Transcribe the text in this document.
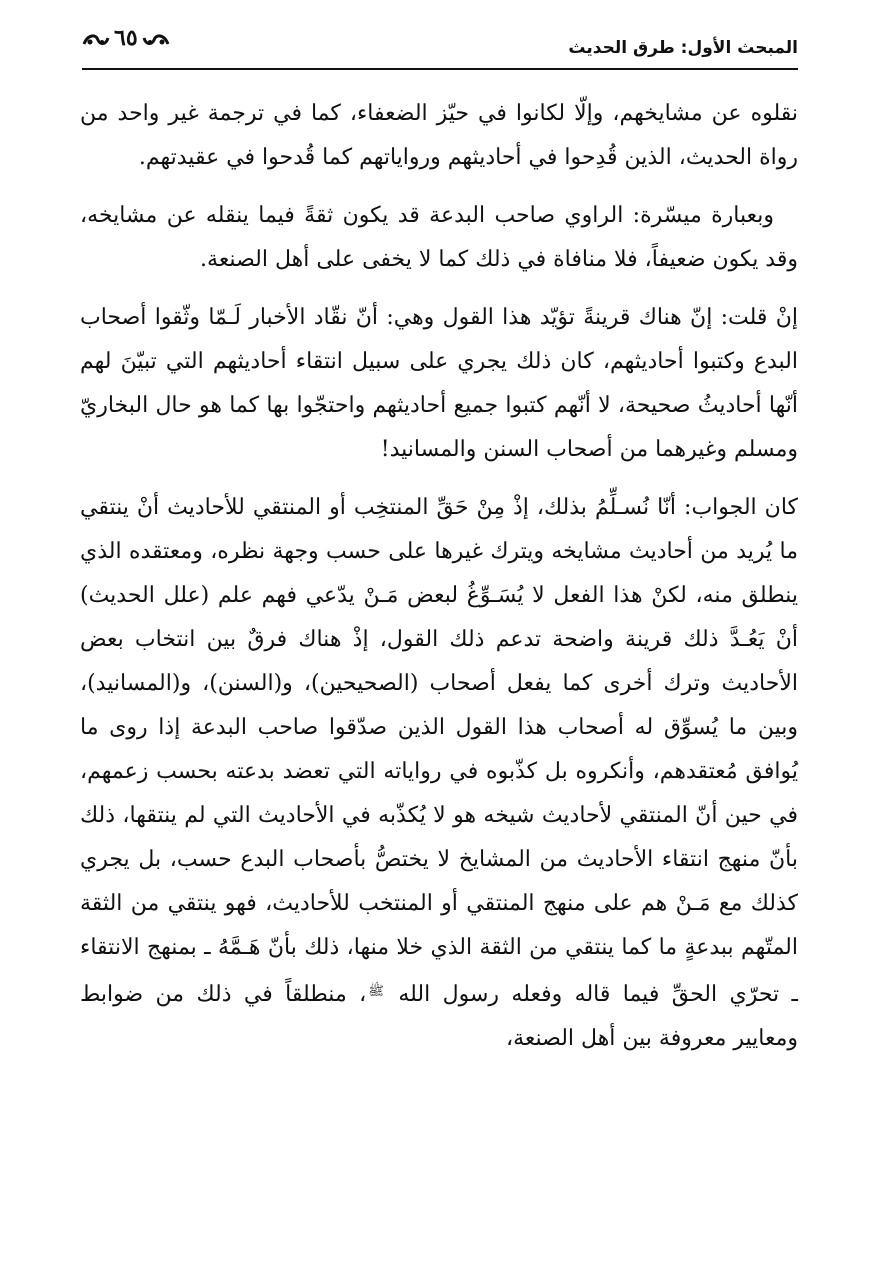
المبحث الأول: طرق الحديث
٦٥

نقلوه عن مشايخهم، وإلّا لكانوا في حيّز الضعفاء، كما في ترجمة غير واحد من رواة الحديث، الذين قُدِحوا في أحاديثهم ورواياتهم كما قُدحوا في عقيدتهم.

وبعبارة ميسّرة: الراوي صاحب البدعة قد يكون ثقةً فيما ينقله عن مشايخه، وقد يكون ضعيفاً، فلا منافاة في ذلك كما لا يخفى على أهل الصنعة.

إنْ قلت: إنّ هناك قرينةً تؤيّد هذا القول وهي: أنّ نقّاد الأخبار لَـمّا وثّقوا أصحاب البدع وكتبوا أحاديثهم، كان ذلك يجري على سبيل انتقاء أحاديثهم التي تبيّنَ لهم أنّها أحاديثُ صحيحة، لا أنّهم كتبوا جميع أحاديثهم واحتجّوا بها كما هو حال البخاريّ ومسلم وغيرهما من أصحاب السنن والمسانيد!

كان الجواب: أنّا نُسـلِّمُ بذلك، إذْ مِنْ حَقِّ المنتخِب أو المنتقي للأحاديث أنْ ينتقي ما يُريد من أحاديث مشايخه ويترك غيرها على حسب وجهة نظره، ومعتقده الذي ينطلق منه، لكنْ هذا الفعل لا يُسَـوِّغُ لبعض مَـنْ يدّعي فهم علم (علل الحديث) أنْ يَعُـدَّ ذلك قرينة واضحة تدعم ذلك القول، إذْ هناك فرقٌ بين انتخاب بعض الأحاديث وترك أخرى كما يفعل أصحاب (الصحيحين)، و(السنن)، و(المسانيد)، وبين ما يُسوِّق له أصحاب هذا القول الذين صدّقوا صاحب البدعة إذا روى ما يُوافق مُعتقدهم، وأنكروه بل كذّبوه في رواياته التي تعضد بدعته بحسب زعمهم، في حين أنّ المنتقي لأحاديث شيخه هو لا يُكذّبه في الأحاديث التي لم ينتقها، ذلك بأنّ منهج انتقاء الأحاديث من المشايخ لا يختصُّ بأصحاب البدع حسب، بل يجري كذلك مع مَـنْ هم على منهج المنتقي أو المنتخب للأحاديث، فهو ينتقي من الثقة المتّهم ببدعةٍ ما كما ينتقي من الثقة الذي خلا منها، ذلك بأنّ هَـمَّهُ ـ بمنهج الانتقاء ـ تحرّي الحقِّ فيما قاله وفعله رسول الله $^ﷺ$، منطلقاً في ذلك من ضوابط ومعايير معروفة بين أهل الصنعة،
